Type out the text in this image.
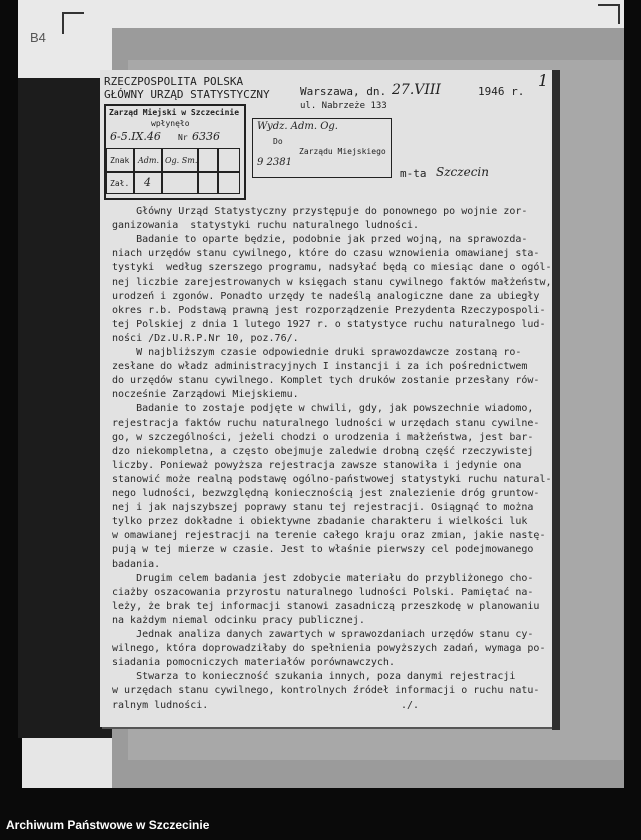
B4
RZECZPOSPOLITA POLSKA
GŁÓWNY URZĄD STATYSTYCZNY	Warszawa, dn. 27.VIII	1946 r.
ul. Nabrzeże 133
1
Zarząd Miejski w Szczecinie
wpłynęło
6-5.IX.46 Nr 6336
Znak Adm. Og. Sm.
Zał. 4
Wydz. Adm. Og.
Do
9 2381
Zarządu Miejskiego
m-ta Szczecin
Główny Urząd Statystyczny przystępuje do ponownego po wojnie zor-
ganizowania  statystyki ruchu naturalnego ludności.
Badanie to oparte będzie, podobnie jak przed wojną, na sprawozda-
niach urzędów stanu cywilnego, które do czasu wznowienia omawianej sta-
tystyki  według szerszego programu, nadsyłać będą co miesiąc dane o ogól-
nej liczbie zarejestrowanych w księgach stanu cywilnego faktów małżeństw,
urodzeń i zgonów. Ponadto urzędy te nadeślą analogiczne dane za ubiegły
okres r.b. Podstawą prawną jest rozporządzenie Prezydenta Rzeczypospoli-
tej Polskiej z dnia 1 lutego 1927 r. o statystyce ruchu naturalnego lud-
ności /Dz.U.R.P.Nr 10, poz.76/.
W najbliższym czasie odpowiednie druki sprawozdawcze zostaną ro-
zesłane do władz administracyjnych I instancji i za ich pośrednictwem
do urzędów stanu cywilnego. Komplet tych druków zostanie przesłany rów-
nocześnie Zarządowi Miejskiemu.
Badanie to zostaje podjęte w chwili, gdy, jak powszechnie wiadomo,
rejestracja faktów ruchu naturalnego ludności w urzędach stanu cywilne-
go, w szczególności, jeżeli chodzi o urodzenia i małżeństwa, jest bar-
dzo niekompletna, a często obejmuje zaledwie drobną część rzeczywistej
liczby. Ponieważ powyższa rejestracja zawsze stanowiła i jedynie ona
stanowić może realną podstawę ogólno-państwowej statystyki ruchu natural-
nego ludności, bezwzględną koniecznością jest znalezienie dróg gruntow-
nej i jak najszybszej poprawy stanu tej rejestracji. Osiągnąć to można
tylko przez dokładne i obiektywne zbadanie charakteru i wielkości luk
w omawianej rejestracji na terenie całego kraju oraz zmian, jakie nastę-
pują w tej mierze w czasie. Jest to właśnie pierwszy cel podejmowanego
badania.
Drugim celem badania jest zdobycie materiału do przybliżonego cho-
ciażby oszacowania przyrostu naturalnego ludności Polski. Pamiętać na-
leży, że brak tej informacji stanowi zasadniczą przeszkodę w planowaniu
na każdym niemal odcinku pracy publicznej.
Jednak analiza danych zawartych w sprawozdaniach urzędów stanu cy-
wilnego, która doprowadziłaby do spełnienia powyższych zadań, wymaga po-
siadania pomocniczych materiałów porównawczych.
Stwarza to konieczność szukania innych, poza danymi rejestracji
w urzędach stanu cywilnego, kontrolnych źródeł informacji o ruchu natu-
ralnym ludności.                                ./.
Archiwum Państwowe w Szczecinie
